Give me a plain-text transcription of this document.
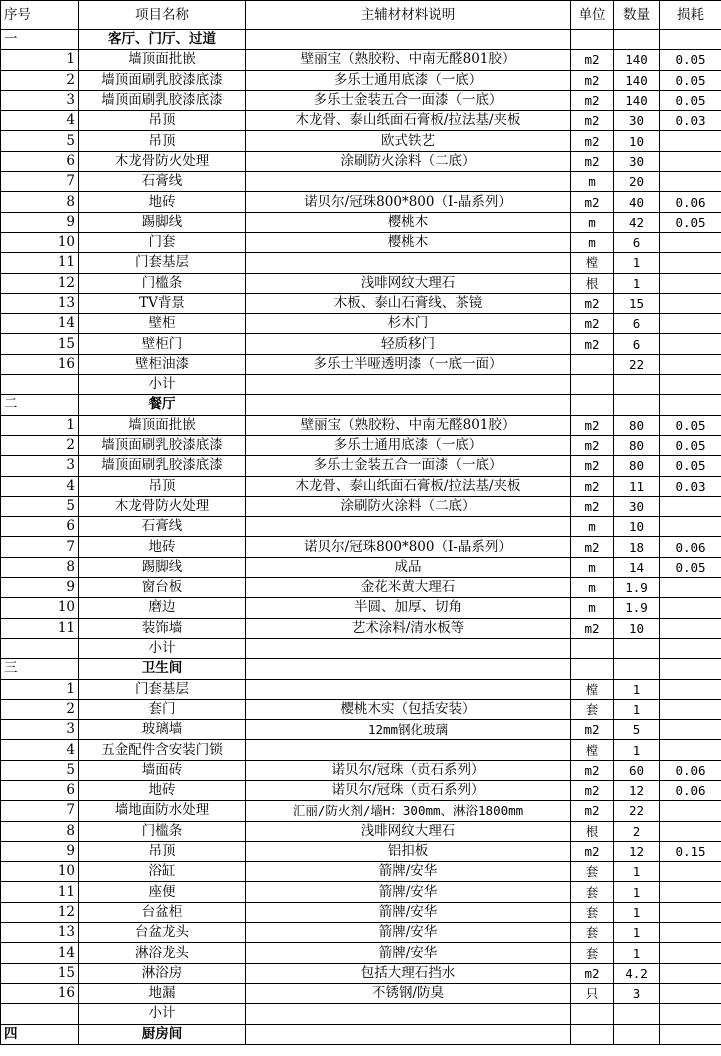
序号	项目名称	主辅材材料说明	单位	数量	损耗
一	客厅、门厅、过道				
1	墙顶面批嵌	壁丽宝（熟胶粉、中南无醛801胶）	m2	140	0.05
2	墙顶面刷乳胶漆底漆	多乐士通用底漆（一底）	m2	140	0.05
3	墙顶面刷乳胶漆底漆	多乐士金装五合一面漆（一底）	m2	140	0.05
4	吊顶	木龙骨、泰山纸面石膏板/拉法基/夹板	m2	30	0.03
5	吊顶	欧式铁艺	m2	10	
6	木龙骨防火处理	涂刷防火涂料（二底）	m2	30	
7	石膏线		m	20	
8	地砖	诺贝尔/冠珠800*800（I-晶系列）	m2	40	0.06
9	踢脚线	樱桃木	m	42	0.05
10	门套	樱桃木	m	6	
11	门套基层		樘	1	
12	门槛条	浅啡网纹大理石	根	1	
13	TV背景	木板、泰山石膏线、茶镜	m2	15	
14	壁柜	杉木门	m2	6	
15	壁柜门	轻质移门	m2	6	
16	壁柜油漆	多乐士半哑透明漆（一底一面）		22	
	小计				
二	餐厅				
1	墙顶面批嵌	壁丽宝（熟胶粉、中南无醛801胶）	m2	80	0.05
2	墙顶面刷乳胶漆底漆	多乐士通用底漆（一底）	m2	80	0.05
3	墙顶面刷乳胶漆底漆	多乐士金装五合一面漆（一底）	m2	80	0.05
4	吊顶	木龙骨、泰山纸面石膏板/拉法基/夹板	m2	11	0.03
5	木龙骨防火处理	涂刷防火涂料（二底）	m2	30	
6	石膏线		m	10	
7	地砖	诺贝尔/冠珠800*800（I-晶系列）	m2	18	0.06
8	踢脚线	成品	m	14	0.05
9	窗台板	金花米黄大理石	m	1.9	
10	磨边	半圆、加厚、切角	m	1.9	
11	装饰墙	艺术涂料/清水板等	m2	10	
	小计				
三	卫生间				
1	门套基层		樘	1	
2	套门	樱桃木实（包括安装）	套	1	
3	玻璃墙	12mm钢化玻璃	m2	5	
4	五金配件含安装门锁		樘	1	
5	墙面砖	诺贝尔/冠珠（贡石系列）	m2	60	0.06
6	地砖	诺贝尔/冠珠（贡石系列）	m2	12	0.06
7	墙地面防水处理	汇丽/防火剂/墙H：300mm、淋浴1800mm	m2	22	
8	门槛条	浅啡网纹大理石	根	2	
9	吊顶	铝扣板	m2	12	0.15
10	浴缸	箭牌/安华	套	1	
11	座便	箭牌/安华	套	1	
12	台盆柜	箭牌/安华	套	1	
13	台盆龙头	箭牌/安华	套	1	
14	淋浴龙头	箭牌/安华	套	1	
15	淋浴房	包括大理石挡水	m2	4.2	
16	地漏	不锈钢/防臭	只	3	
	小计				
四	厨房间				
